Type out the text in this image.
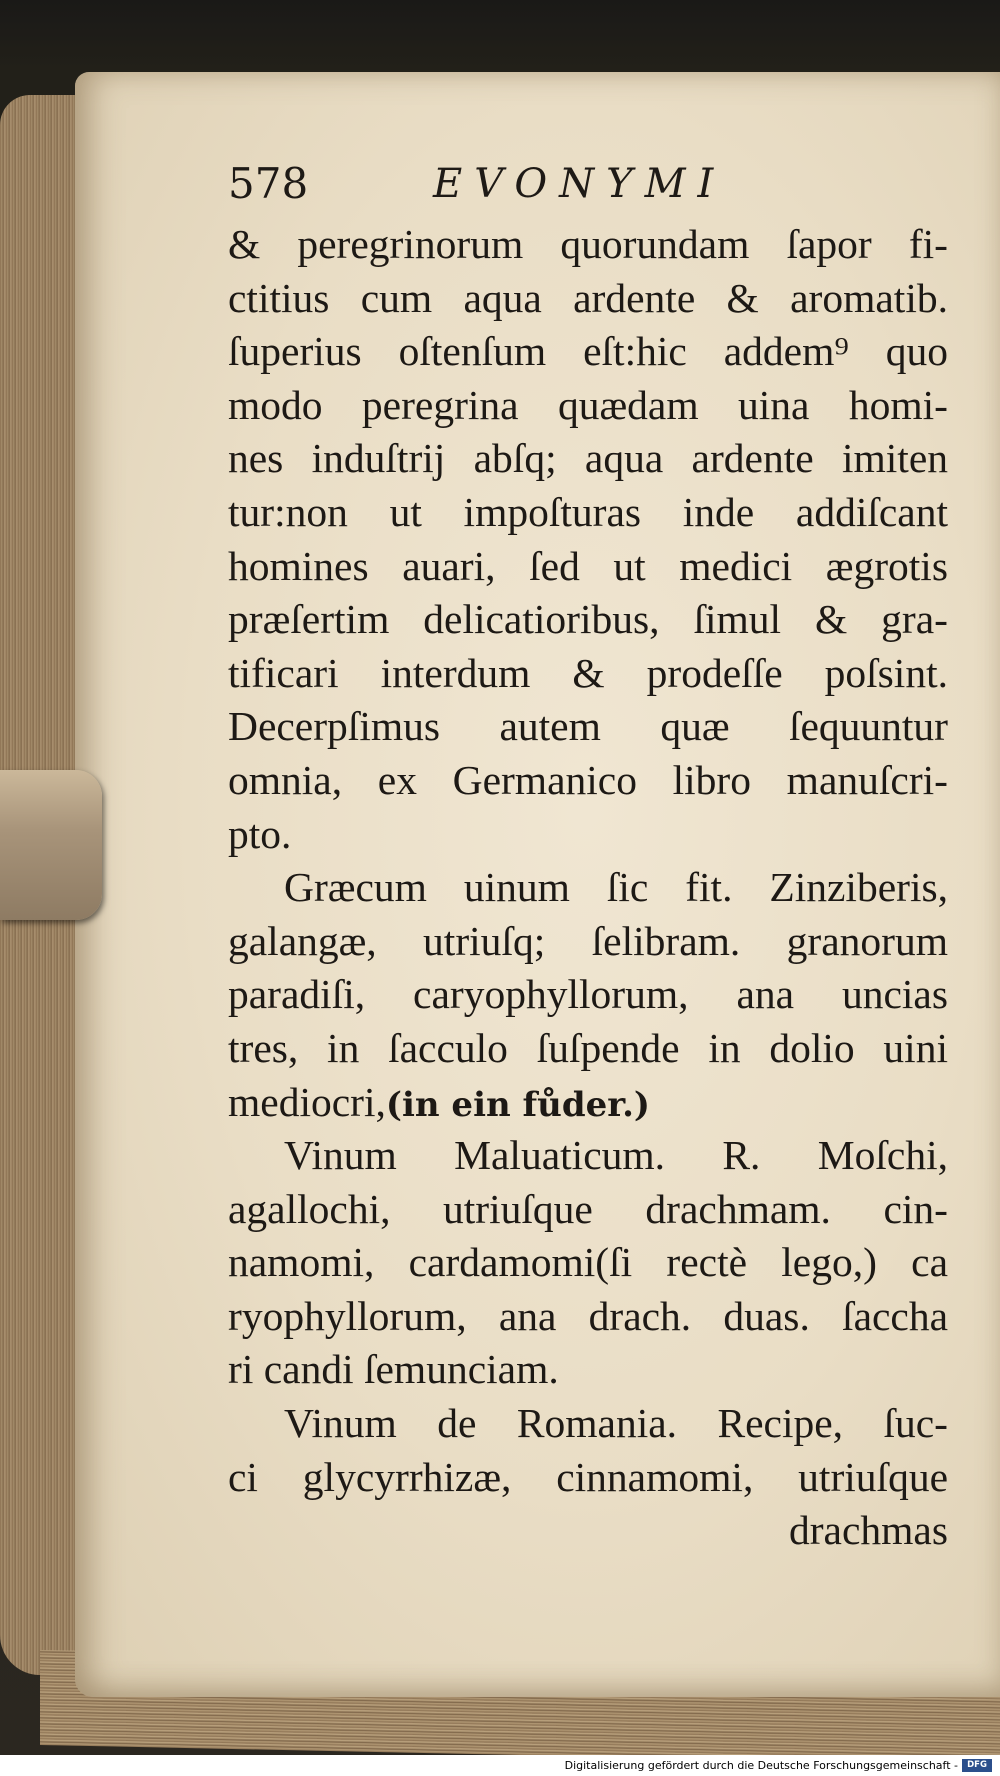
578	EVONYMI
& peregrinorum quorundam ſapor fi-
ctitius cum aqua ardente & aromatib.
ſuperius oſtenſum eſt:hic addem⁹ quo
modo peregrina quædam uina homi-
nes induſtrij abſq; aqua ardente imiten
tur:non ut impoſturas inde addiſcant
homines auari, ſed ut medici ægrotis
præſertim delicatioribus, ſimul & gra-
tificari interdum & prodeſſe poſsint.
Decerpſimus autem quæ ſequuntur
omnia, ex Germanico libro manuſcri-
pto.
Græcum uinum ſic fit. Zinziberis,
galangæ, utriuſq; ſelibram. granorum
paradiſi, caryophyllorum, ana uncias
tres, in ſacculo ſuſpende in dolio uini
mediocri,(in ein fůder.)
Vinum Maluaticum. R. Moſchi,
agallochi, utriuſque drachmam. cin-
namomi, cardamomi(ſi rectè lego,) ca
ryophyllorum, ana drach. duas. ſaccha
ri candi ſemunciam.
Vinum de Romania. Recipe, ſuc-
ci glycyrrhizæ, cinnamomi, utriuſque
drachmas
Digitalisierung gefördert durch die Deutsche Forschungsgemeinschaft -	DFG
